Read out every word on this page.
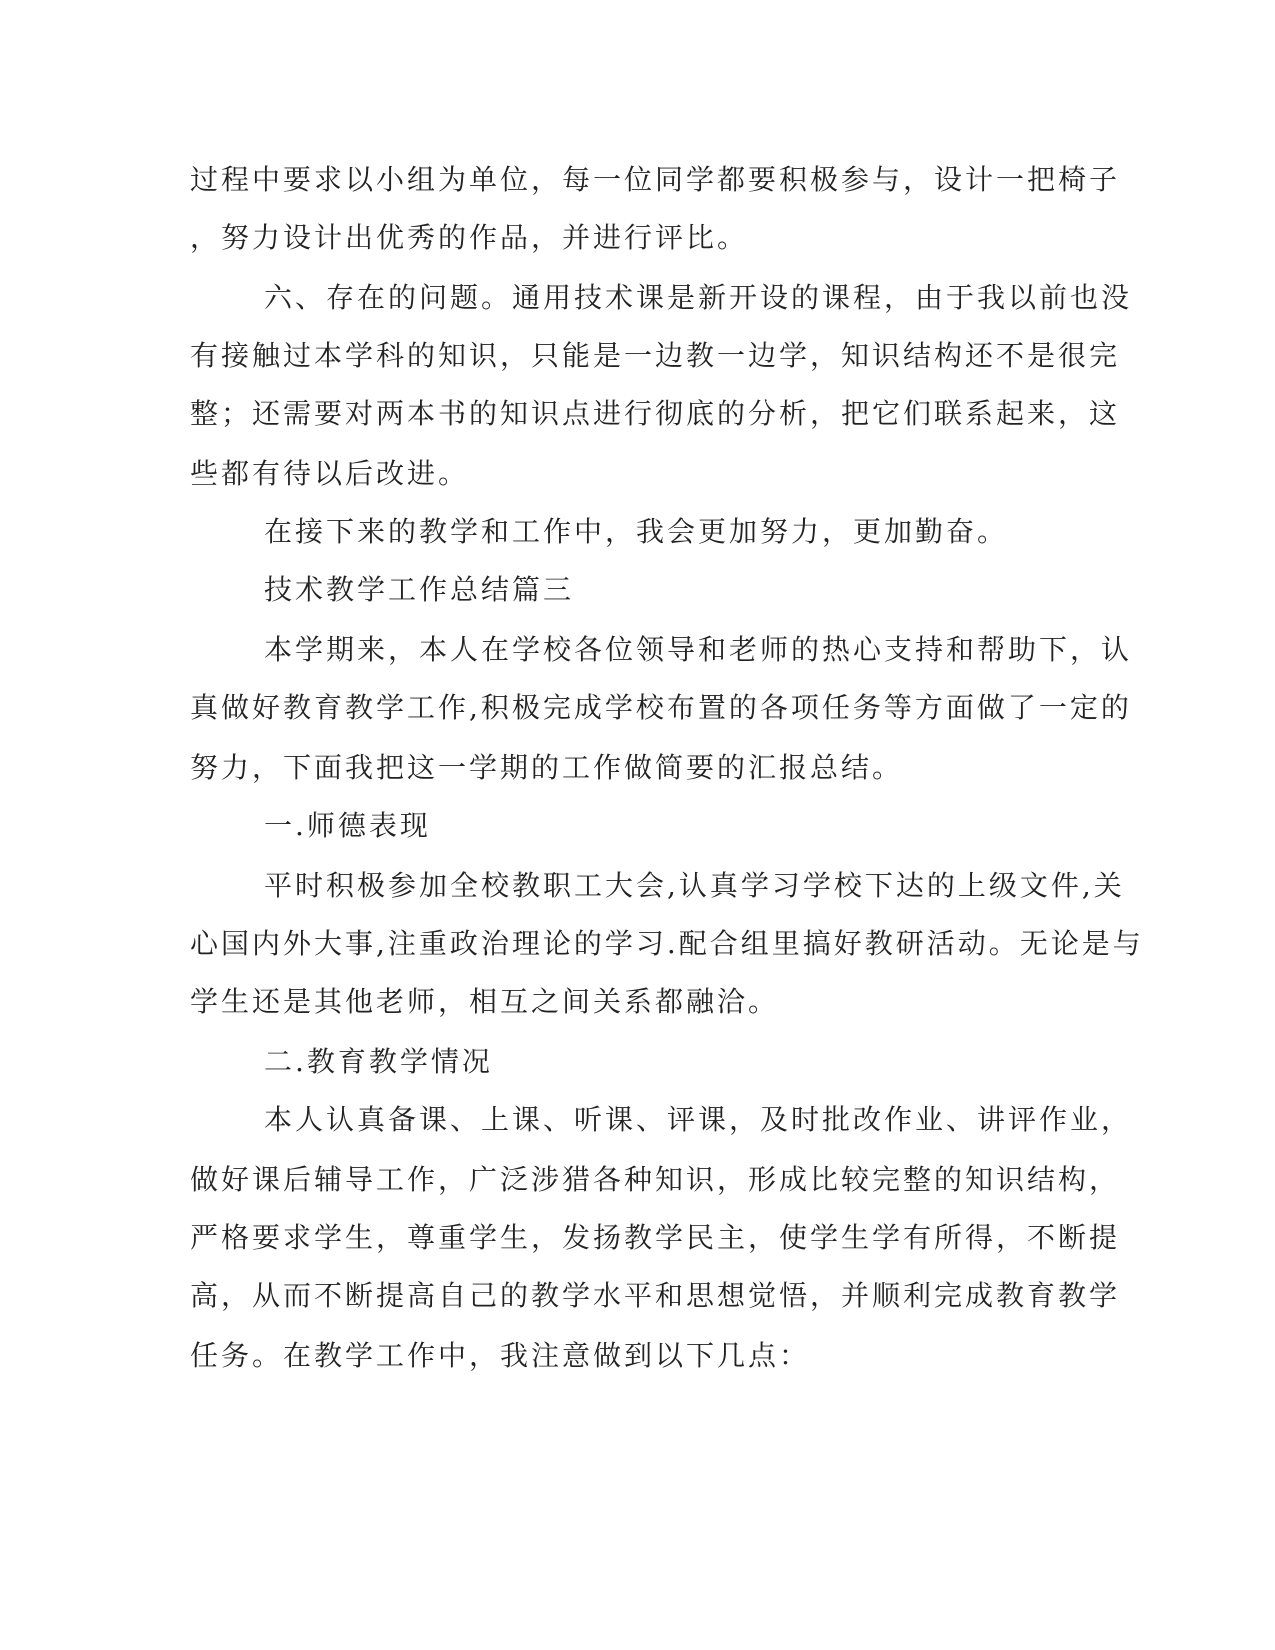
过程中要求以小组为单位，每一位同学都要积极参与，设计一把椅子
，努力设计出优秀的作品，并进行评比。
六、存在的问题。通用技术课是新开设的课程，由于我以前也没
有接触过本学科的知识，只能是一边教一边学，知识结构还不是很完
整；还需要对两本书的知识点进行彻底的分析，把它们联系起来，这
些都有待以后改进。
在接下来的教学和工作中，我会更加努力，更加勤奋。
技术教学工作总结篇三
本学期来，本人在学校各位领导和老师的热心支持和帮助下，认
真做好教育教学工作,积极完成学校布置的各项任务等方面做了一定的
努力，下面我把这一学期的工作做简要的汇报总结。
一.师德表现
平时积极参加全校教职工大会,认真学习学校下达的上级文件,关
心国内外大事,注重政治理论的学习.配合组里搞好教研活动。无论是与
学生还是其他老师，相互之间关系都融洽。
二.教育教学情况
本人认真备课、上课、听课、评课，及时批改作业、讲评作业，
做好课后辅导工作，广泛涉猎各种知识，形成比较完整的知识结构，
严格要求学生，尊重学生，发扬教学民主，使学生学有所得，不断提
高，从而不断提高自己的教学水平和思想觉悟，并顺利完成教育教学
任务。在教学工作中，我注意做到以下几点：
